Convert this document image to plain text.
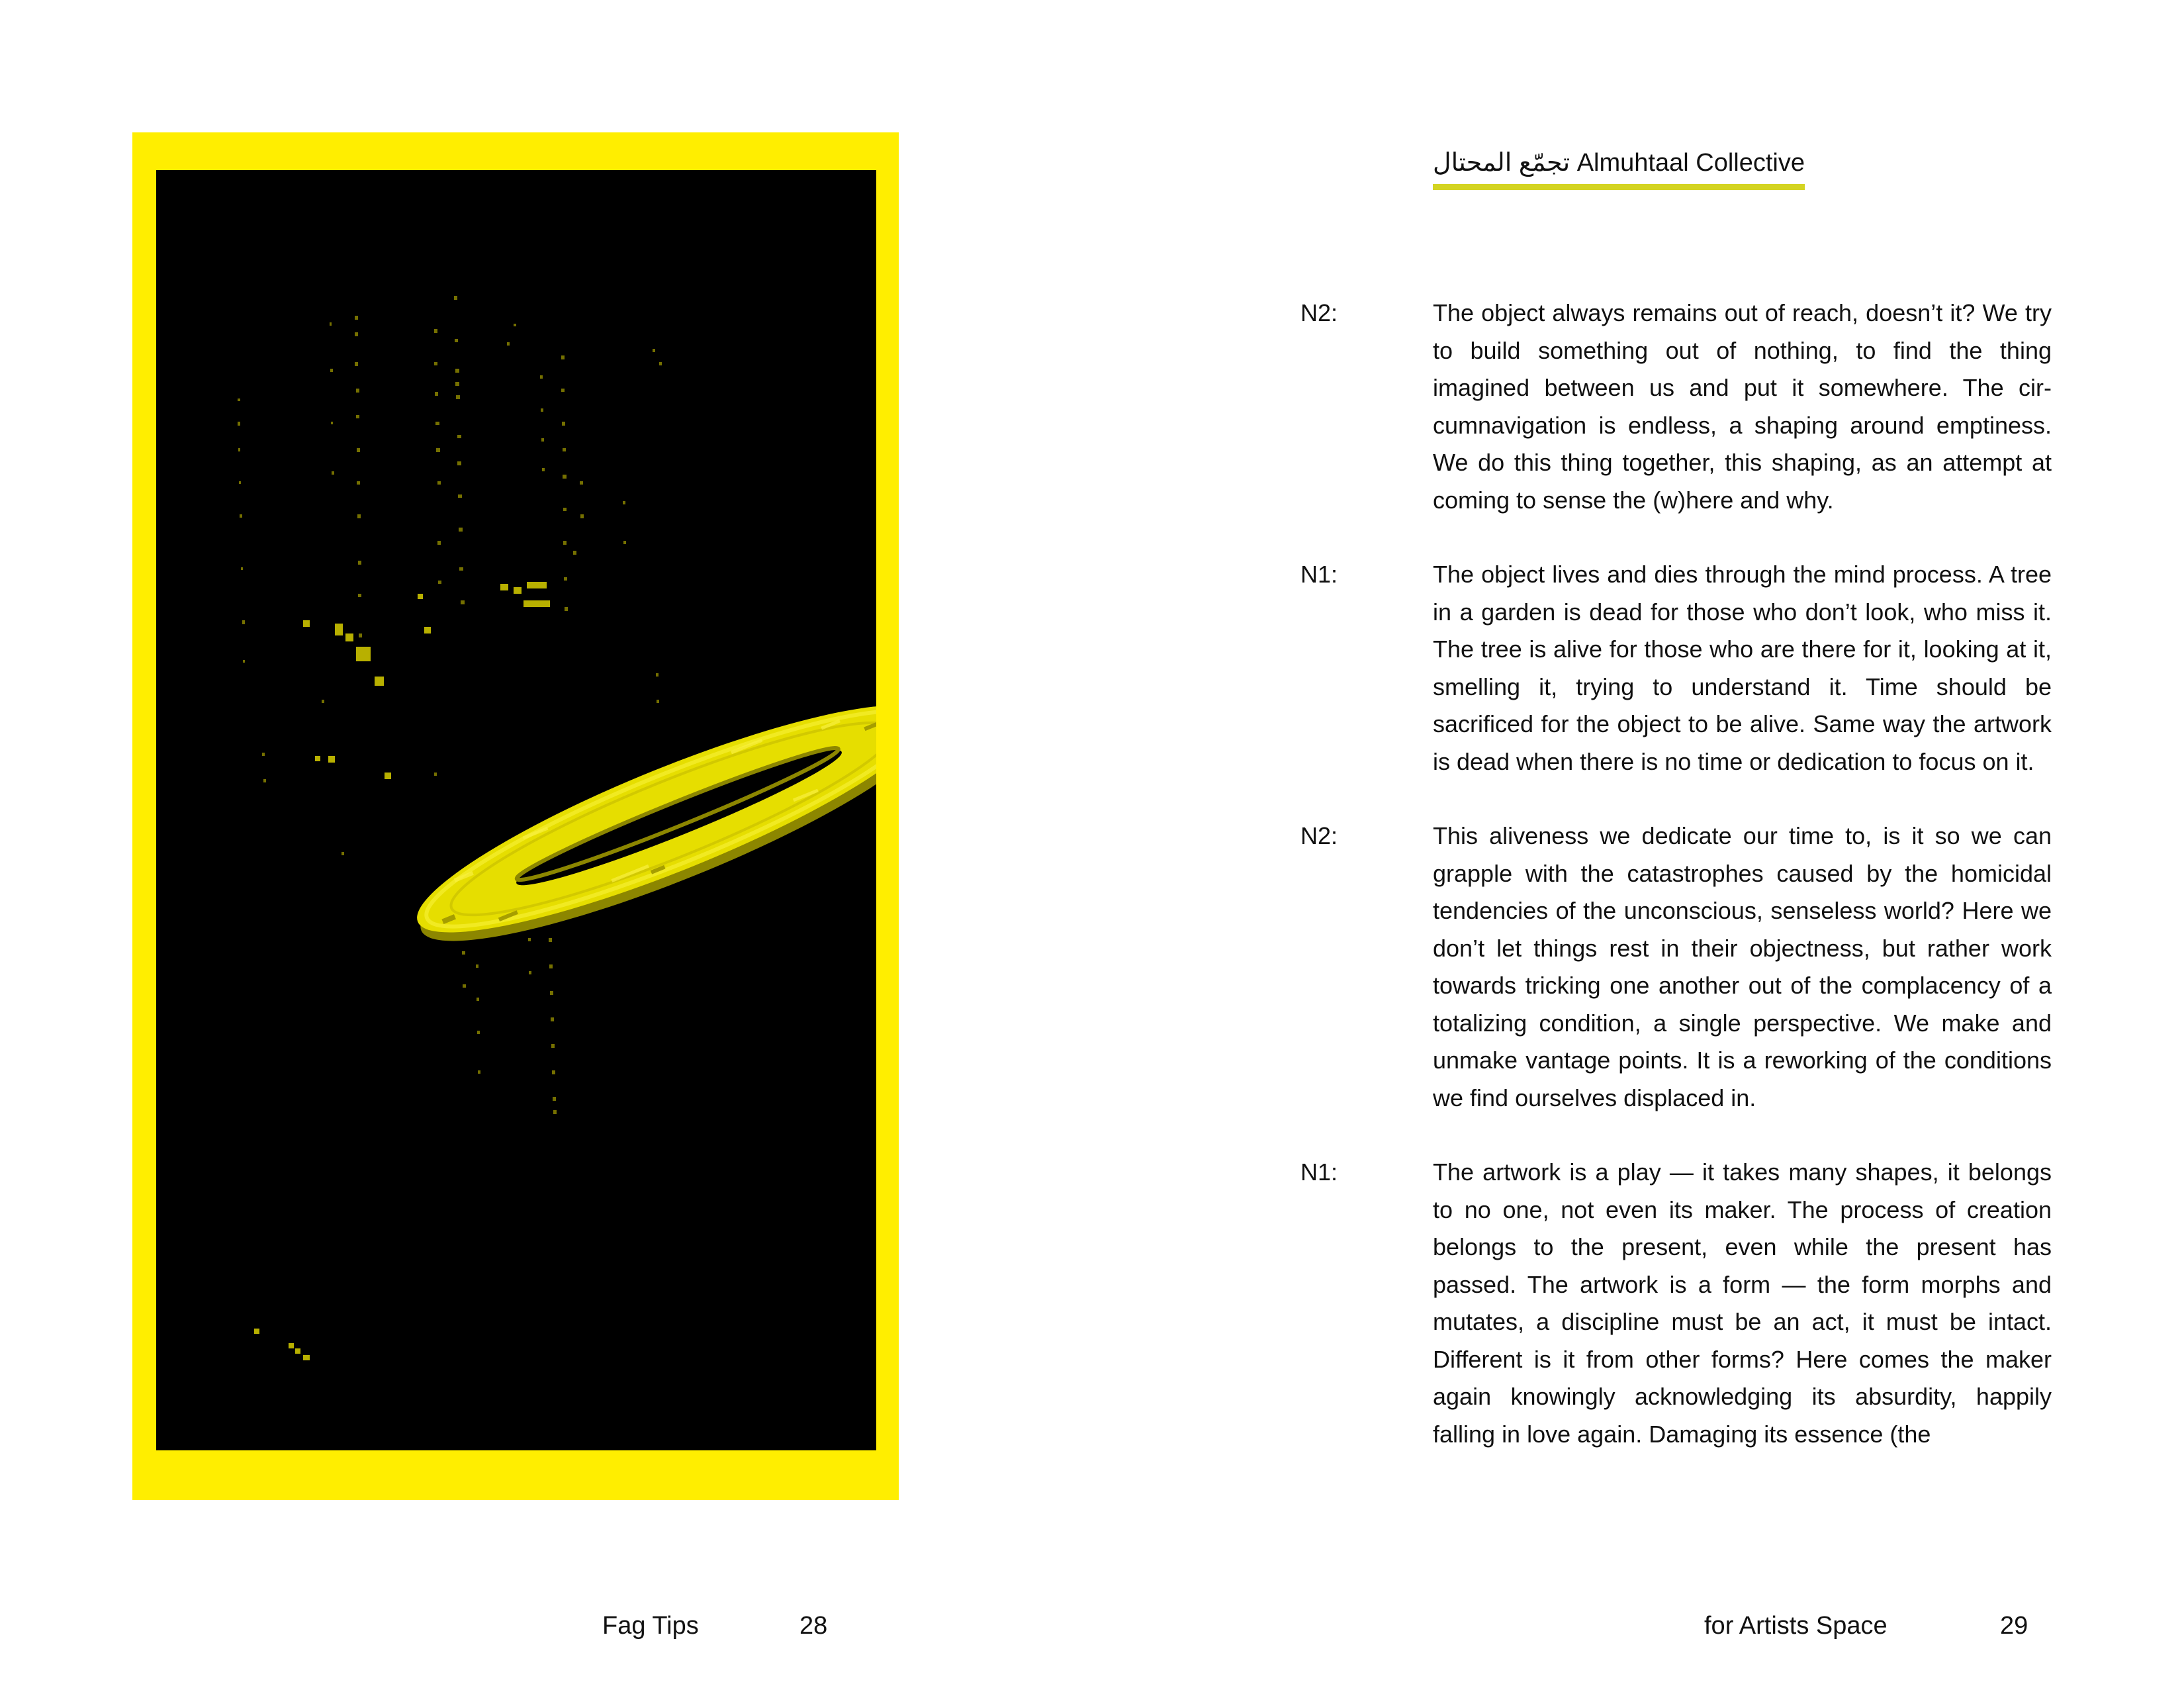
Fag Tips	28
تجمّع المحتال Almuhtaal Collective
N2:	The object always remains out of reach, doesn’t it? We try to build something out of nothing, to find the thing imagined between us and put it somewhere. The circumnavigation is endless, a shaping around emptiness. We do this thing together, this shaping, as an attempt at coming to sense the (w)here and why.
N1:	The object lives and dies through the mind process. A tree in a garden is dead for those who don’t look, who miss it. The tree is alive for those who are there for it, looking at it, smelling it, trying to understand it. Time should be sacrificed for the object to be alive. Same way the artwork is dead when there is no time or dedication to focus on it.
N2:	This aliveness we dedicate our time to, is it so we can grapple with the catastrophes caused by the homicidal tendencies of the unconscious, senseless world? Here we don’t let things rest in their objectness, but rather work towards tricking one another out of the complacency of a totalizing condition, a single perspective. We make and unmake vantage points. It is a reworking of the conditions we find ourselves displaced in.
N1:	The artwork is a play — it takes many shapes, it belongs to no one, not even its maker. The process of creation belongs to the present, even while the present has passed. The artwork is a form — the form morphs and mutates, a discipline must be an act, it must be intact. Different is it from other forms? Here comes the maker again knowingly acknowledging its absurdity, happily falling in love again. Damaging its essence (the
for Artists Space	29
